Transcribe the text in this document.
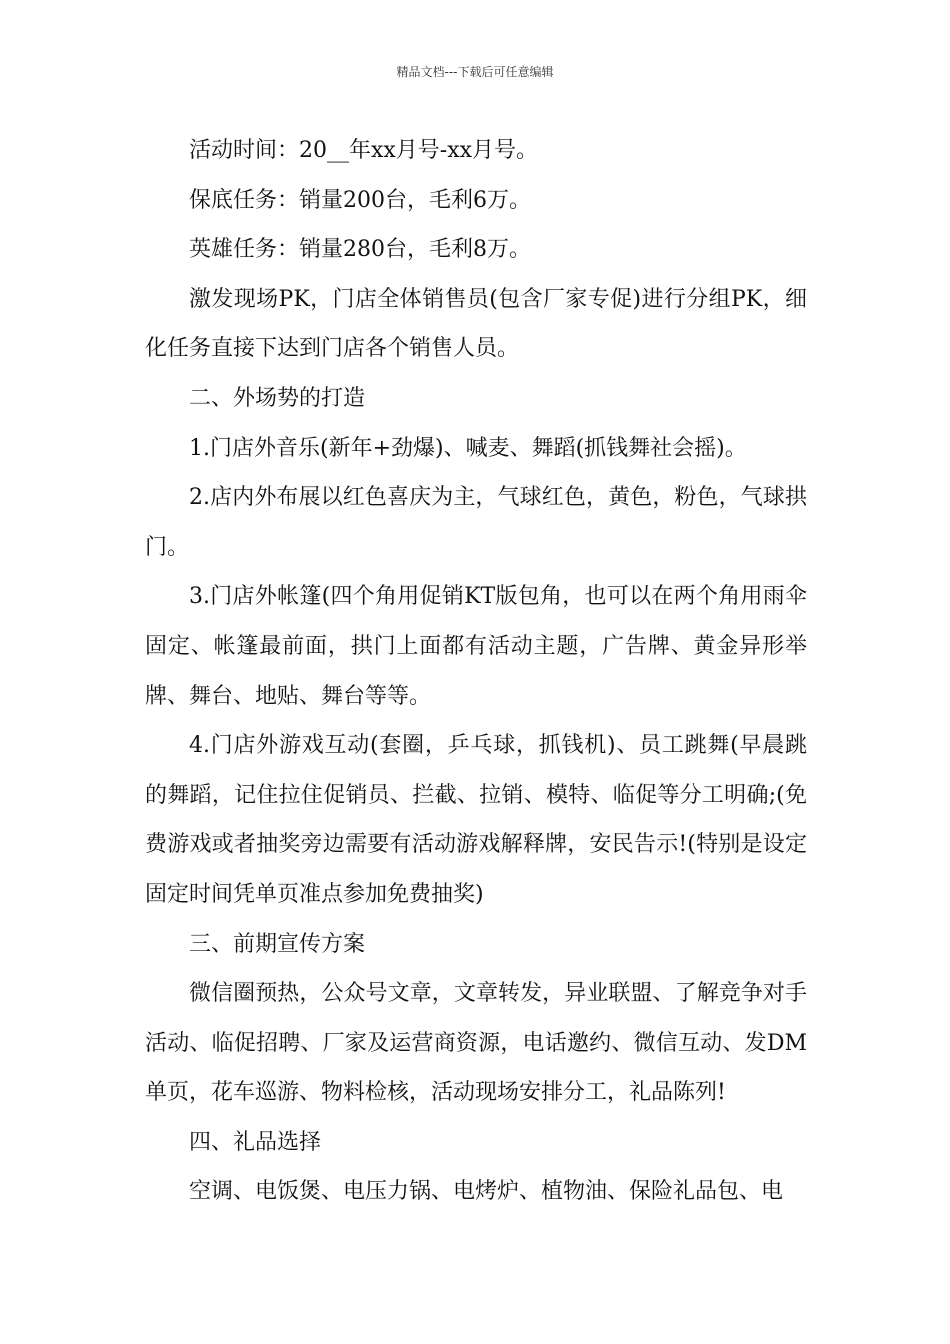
精品文档---下载后可任意编辑

活动时间：20__年xx月号-xx月号。

保底任务：销量200台，毛利6万。

英雄任务：销量280台，毛利8万。

激发现场PK，门店全体销售员(包含厂家专促)进行分组PK，细化任务直接下达到门店各个销售人员。

二、外场势的打造

1.门店外音乐(新年+劲爆)、喊麦、舞蹈(抓钱舞社会摇)。

2.店内外布展以红色喜庆为主，气球红色，黄色，粉色，气球拱门。

3.门店外帐篷(四个角用促销KT版包角，也可以在两个角用雨伞固定、帐篷最前面，拱门上面都有活动主题，广告牌、黄金异形举牌、舞台、地贴、舞台等等。

4.门店外游戏互动(套圈，乒乓球，抓钱机)、员工跳舞(早晨跳的舞蹈，记住拉住促销员、拦截、拉销、模特、临促等分工明确;(免费游戏或者抽奖旁边需要有活动游戏解释牌，安民告示!(特别是设定固定时间凭单页准点参加免费抽奖)

三、前期宣传方案

微信圈预热，公众号文章，文章转发，异业联盟、了解竞争对手活动、临促招聘、厂家及运营商资源，电话邀约、微信互动、发DM单页，花车巡游、物料检核，活动现场安排分工，礼品陈列!

四、礼品选择

空调、电饭煲、电压力锅、电烤炉、植物油、保险礼品包、电
